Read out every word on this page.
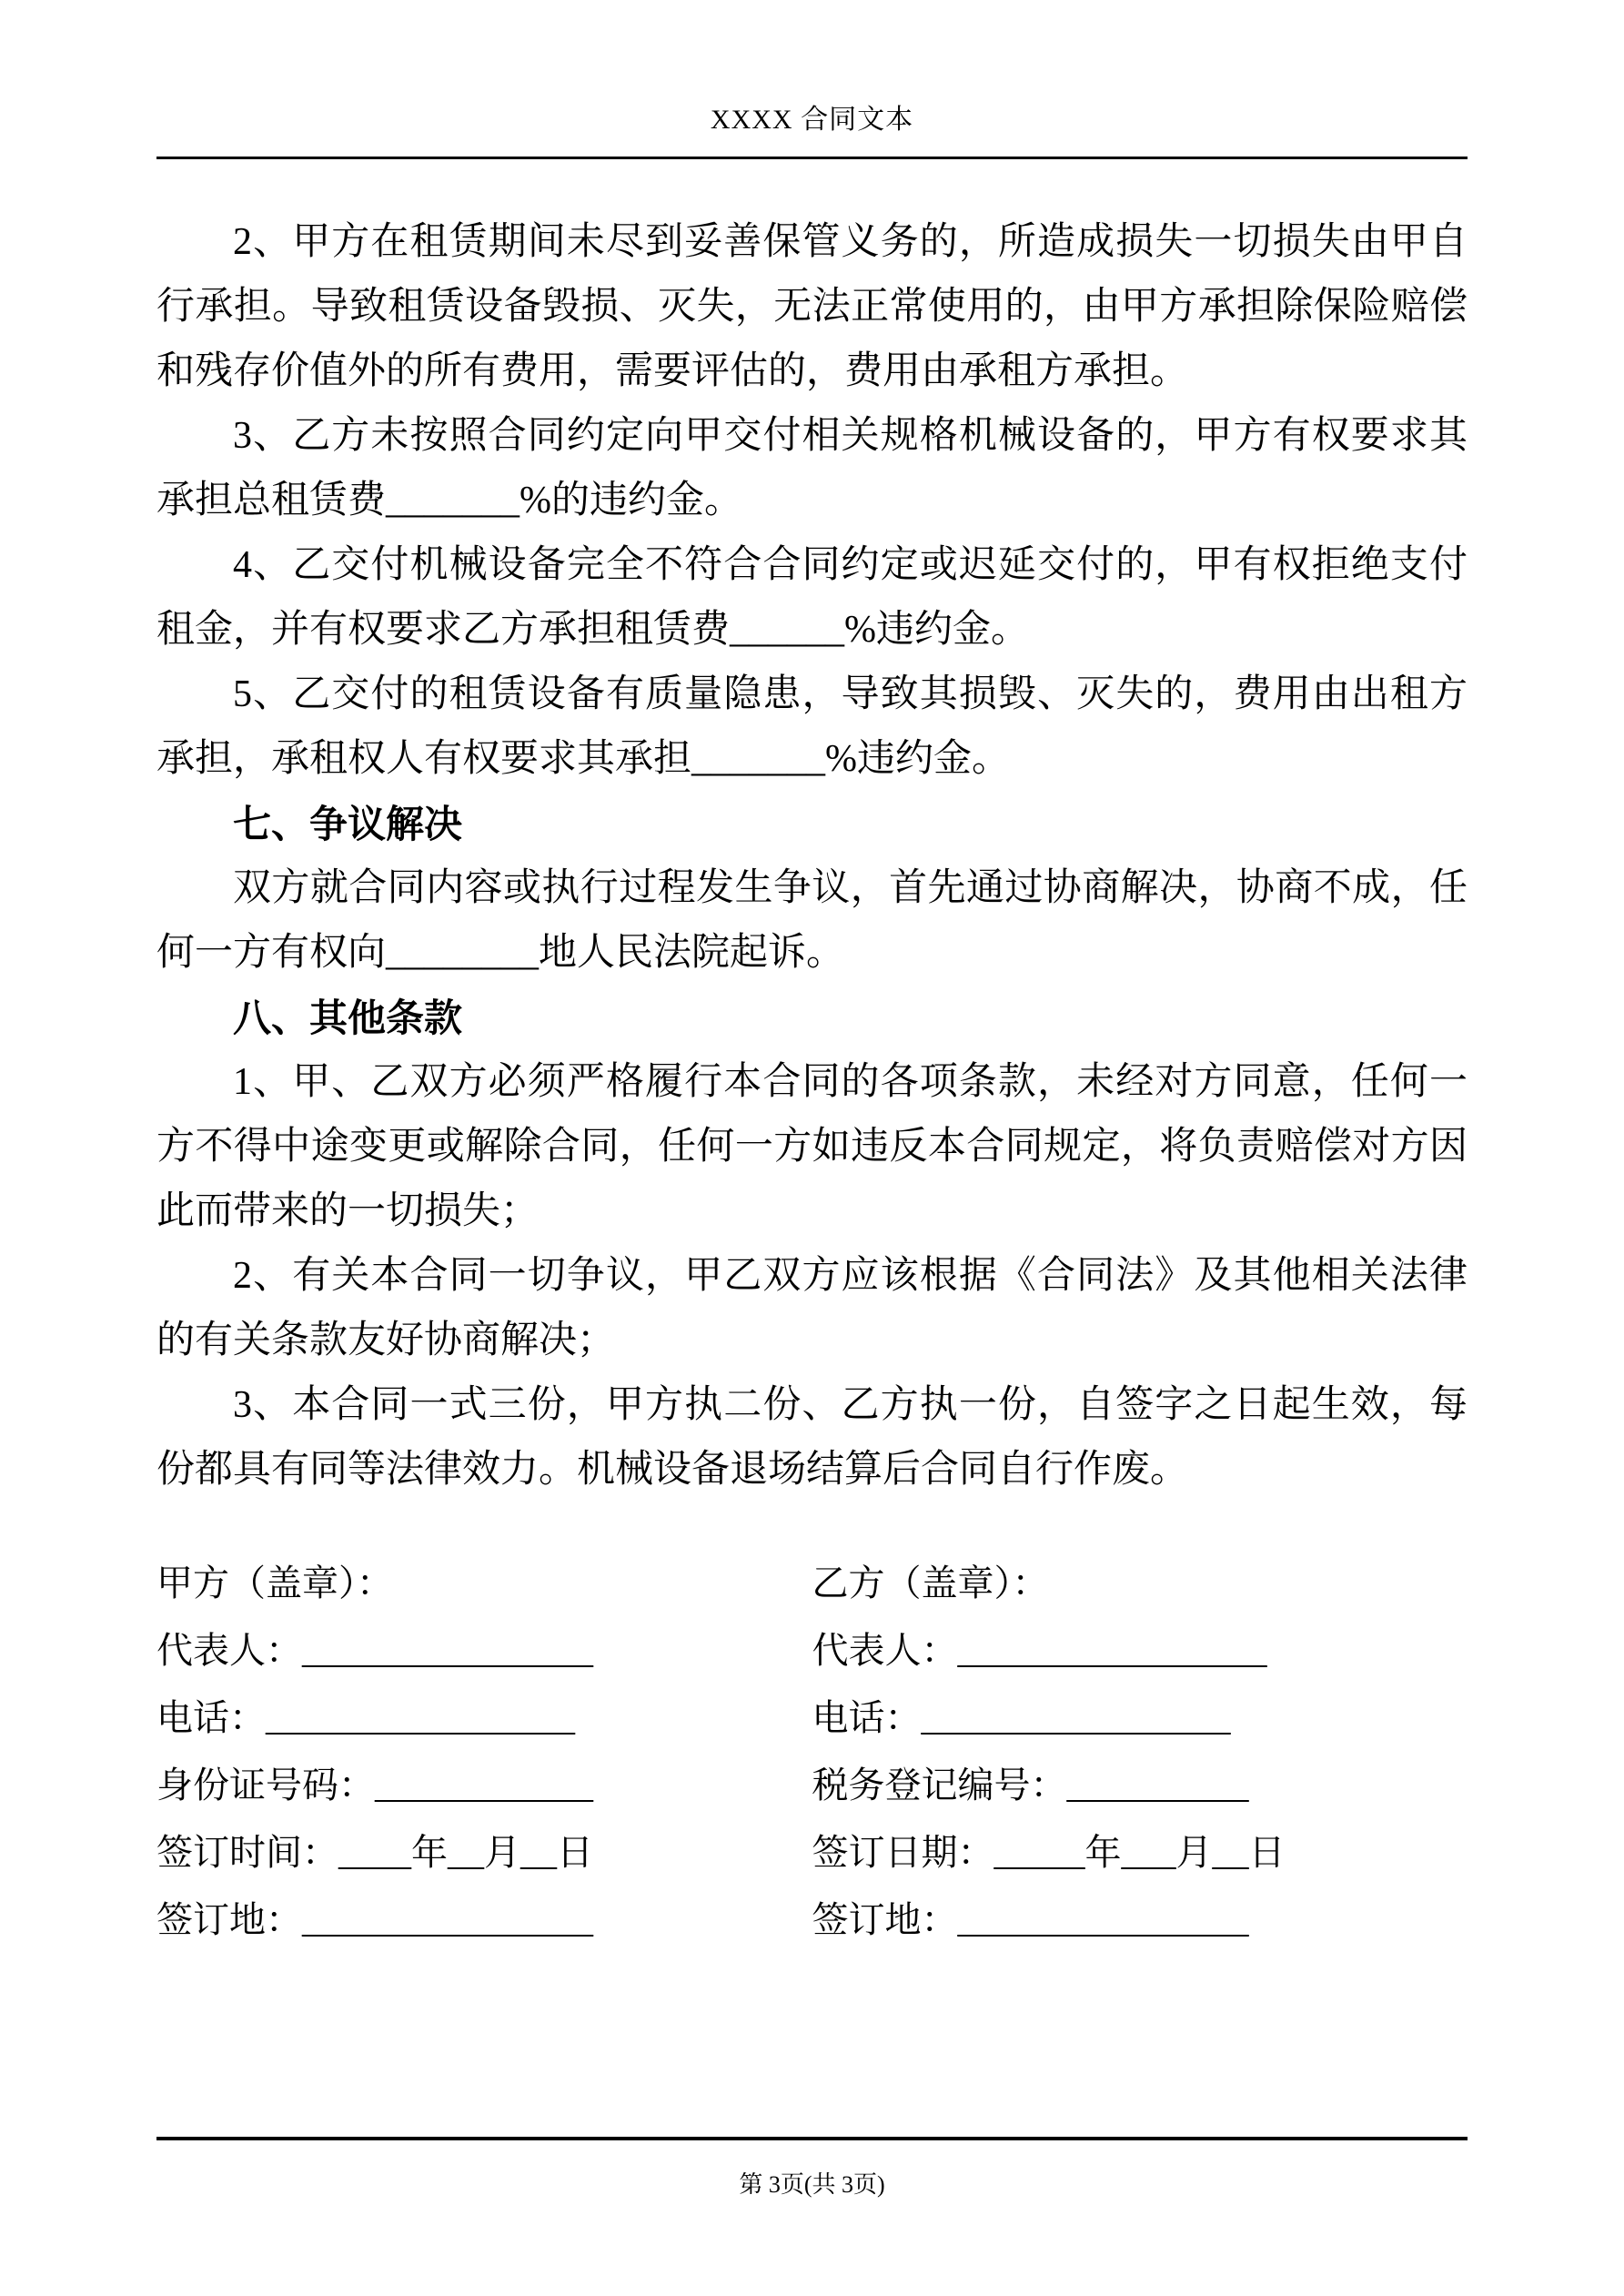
XXXX 合同文本

2、甲方在租赁期间未尽到妥善保管义务的，所造成损失一切损失由甲自行承担。导致租赁设备毁损、灭失，无法正常使用的，由甲方承担除保险赔偿和残存价值外的所有费用，需要评估的，费用由承租方承担。

3、乙方未按照合同约定向甲交付相关规格机械设备的，甲方有权要求其承担总租赁费_______%的违约金。

4、乙交付机械设备完全不符合合同约定或迟延交付的，甲有权拒绝支付租金，并有权要求乙方承担租赁费______%违约金。

5、乙交付的租赁设备有质量隐患，导致其损毁、灭失的，费用由出租方承担，承租权人有权要求其承担_______%违约金。

七、争议解决

双方就合同内容或执行过程发生争议，首先通过协商解决，协商不成，任何一方有权向________地人民法院起诉。

八、其他条款

1、甲、乙双方必须严格履行本合同的各项条款，未经对方同意，任何一方不得中途变更或解除合同，任何一方如违反本合同规定，将负责赔偿对方因此而带来的一切损失；

2、有关本合同一切争议，甲乙双方应该根据《合同法》及其他相关法律的有关条款友好协商解决；

3、本合同一式三份，甲方执二份、乙方执一份，自签字之日起生效，每份都具有同等法律效力。机械设备退场结算后合同自行作废。

甲方（盖章）：
代表人：________________
电话：_________________
身份证号码：____________
签订时间：____年__月__日
签订地：________________
乙方（盖章）：
代表人：_________________
电话：_________________
税务登记编号：__________
签订日期：_____年___月__日
签订地：________________
第 3页(共 3页)
